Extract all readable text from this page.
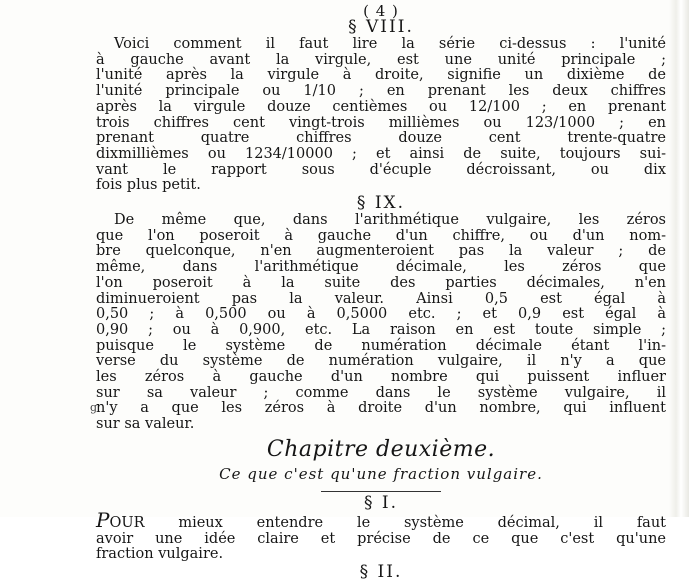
g
( 4 )
§ VIII.
Voici comment il faut lire la série ci-dessus : l'unité
à gauche avant la virgule, est une unité principale ;
l'unité après la virgule à droite, signifie un dixième de
l'unité principale ou 1/10 ; en prenant les deux chiffres
après la virgule douze centièmes ou 12/100 ; en prenant
trois chiffres cent vingt-trois millièmes ou 123/1000 ; en
prenant quatre chiffres douze cent trente-quatre
dixmillièmes ou 1234/10000 ; et ainsi de suite, toujours sui-
vant le rapport sous d'écuple décroissant, ou dix
fois plus petit.
§ IX.
De même que, dans l'arithmétique vulgaire, les zéros
que l'on poseroit à gauche d'un chiffre, ou d'un nom-
bre quelconque, n'en augmenteroient pas la valeur ; de
même, dans l'arithmétique décimale, les zéros que
l'on poseroit à la suite des parties décimales, n'en
diminueroient pas la valeur. Ainsi 0,5 est égal à
0,50 ; à 0,500 ou à 0,5000 etc. ; et 0,9 est égal à
0,90 ; ou à 0,900, etc. La raison en est toute simple ;
puisque le système de numération décimale étant l'in-
verse du système de numération vulgaire, il n'y a que
les zéros à gauche d'un nombre qui puissent influer
sur sa valeur ; comme dans le système vulgaire, il
n'y a que les zéros à droite d'un nombre, qui influent
sur sa valeur.
Chapitre deuxième.
Ce que c'est qu'une fraction vulgaire.
§ I.
POUR mieux entendre le système décimal, il faut
avoir une idée claire et précise de ce que c'est qu'une
fraction vulgaire.
§ II.
